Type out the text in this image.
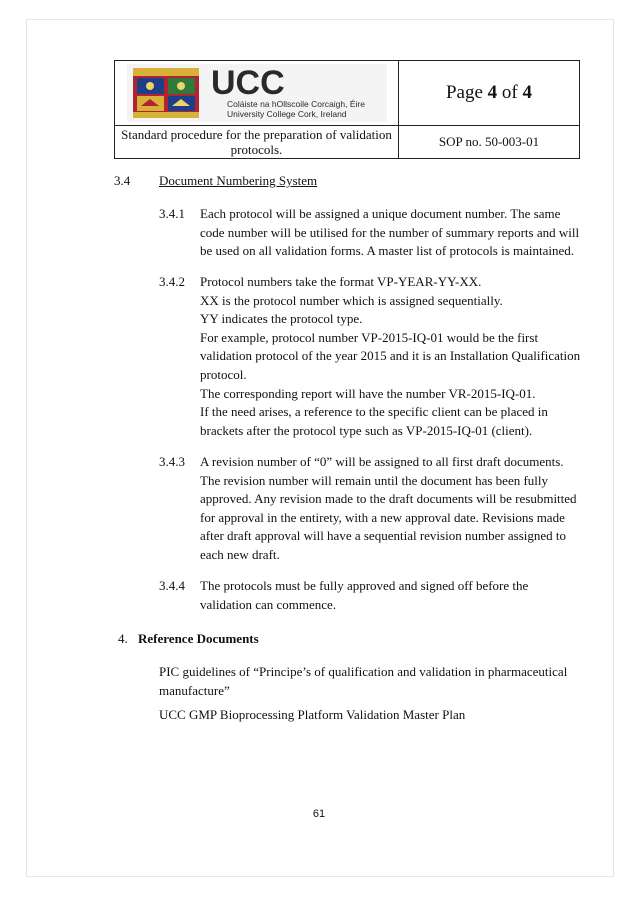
UCC
Coláiste na hOllscoile Corcaigh, Éire
University College Cork, Ireland	Page 4 of 4

Standard procedure for the preparation of validation
protocols.	SOP no. 50-003-01

3.4 Document Numbering System

3.4.1 Each protocol will be assigned a unique document number. The same

code number will be utilised for the number of summary reports and will

be used on all validation forms. A master list of protocols is maintained.

3.4.2 Protocol numbers take the format VP-YEAR-YY-XX.

XX is the protocol number which is assigned sequentially.

YY indicates the protocol type.

For example, protocol number VP-2015-IQ-01 would be the first

validation protocol of the year 2015 and it is an Installation Qualification

protocol.

The corresponding report will have the number VR-2015-IQ-01.

If the need arises, a reference to the specific client can be placed in

brackets after the protocol type such as VP-2015-IQ-01 (client).

3.4.3 A revision number of “0” will be assigned to all first draft documents.

The revision number will remain until the document has been fully

approved. Any revision made to the draft documents will be resubmitted

for approval in the entirety, with a new approval date. Revisions made

after draft approval will have a sequential revision number assigned to

each new draft.

3.4.4 The protocols must be fully approved and signed off before the

validation can commence.

4. Reference Documents

PIC guidelines of “Principe’s of qualification and validation in pharmaceutical

manufacture”

UCC GMP Bioprocessing Platform Validation Master Plan

61
